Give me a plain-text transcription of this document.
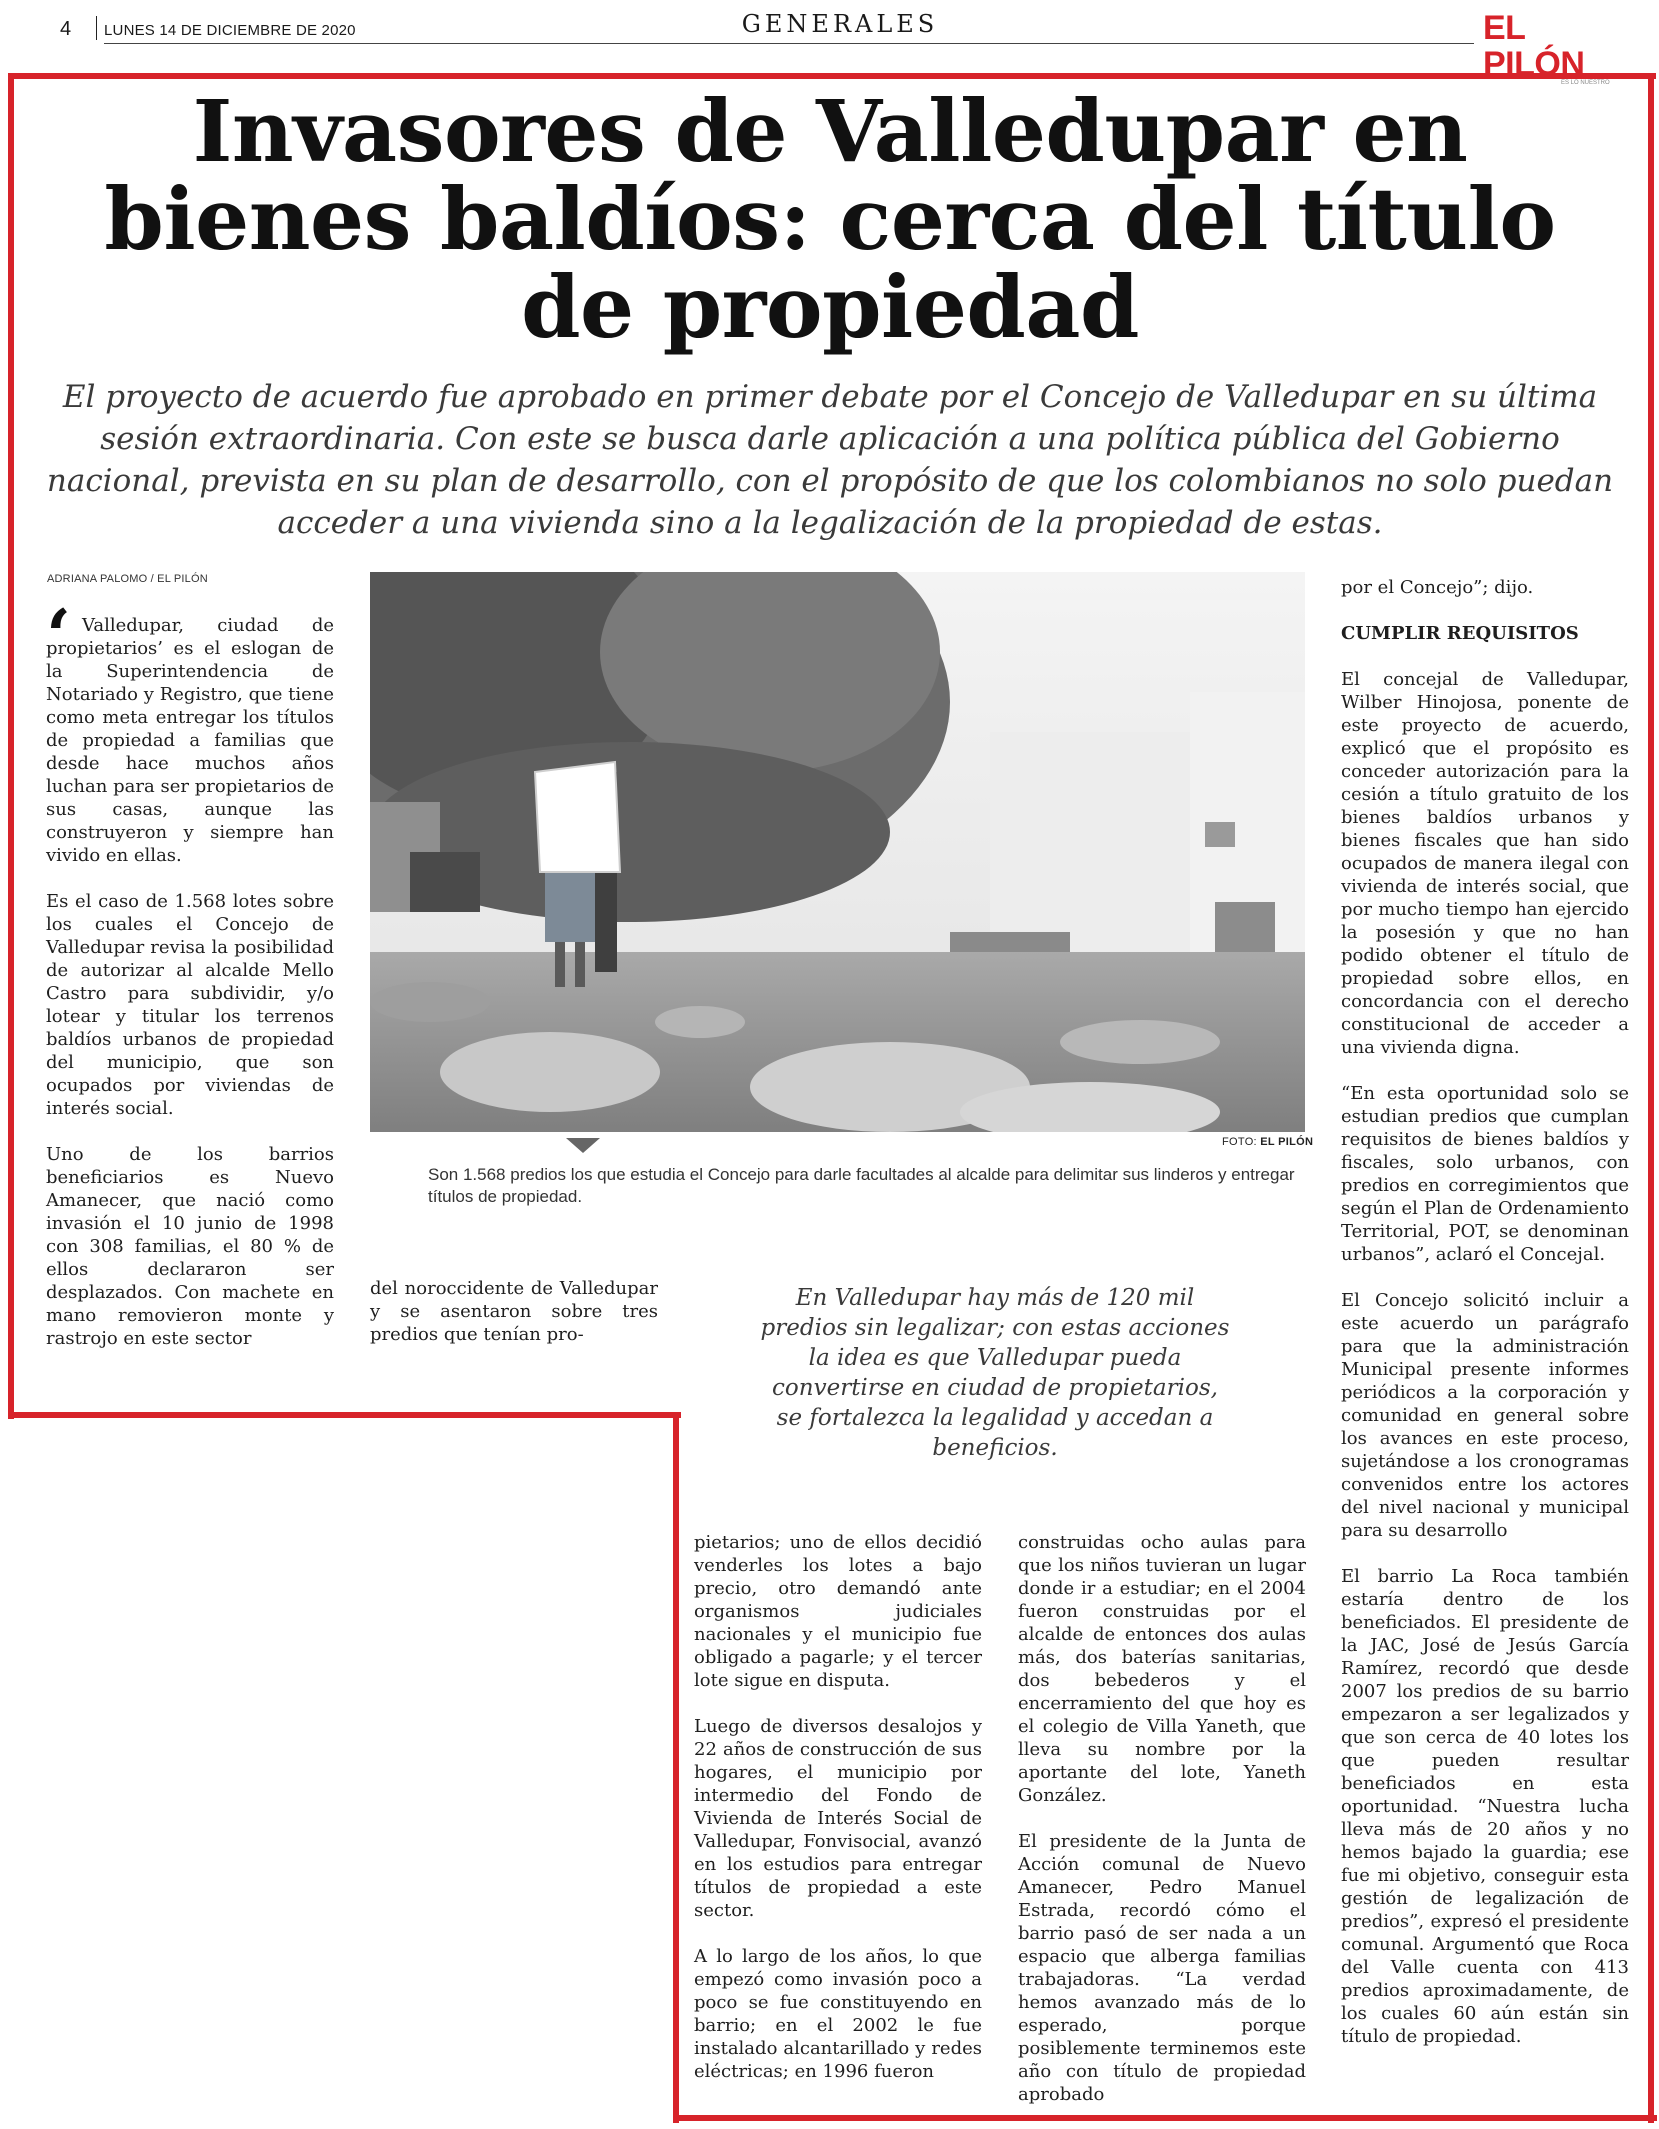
4 LUNES 14 DE DICIEMBRE DE 2020	GENERALES	EL PILÓN
ES LO NUESTRO
Invasores de Valledupar en bienes baldíos: cerca del título de propiedad
El proyecto de acuerdo fue aprobado en primer debate por el Concejo de Valledupar en su última sesión extraordinaria. Con este se busca darle aplicación a una política pública del Gobierno nacional, prevista en su plan de desarrollo, con el propósito de que los colombianos no solo puedan acceder a una vivienda sino a la legalización de la propiedad de estas.
ADRIANA PALOMO / EL PILÓN
‘ Valledupar, ciudad de propietarios’ es el eslogan de la Superintendencia de Notariado y Registro, que tiene como meta entregar los títulos de propiedad a familias que desde hace muchos años luchan para ser propietarios de sus casas, aunque las construyeron y siempre han vivido en ellas.

Es el caso de 1.568 lotes sobre los cuales el Concejo de Valledupar revisa la posibilidad de autorizar al alcalde Mello Castro para subdividir, y/o lotear y titular los terrenos baldíos urbanos de propiedad del municipio, que son ocupados por viviendas de interés social.

Uno de los barrios beneficiarios es Nuevo Amanecer, que nació como invasión el 10 junio de 1998 con 308 familias, el 80 % de ellos declararon ser desplazados. Con machete en mano removieron monte y rastrojo en este sector

FOTO: EL PILÓN
Son 1.568 predios los que estudia el Concejo para darle facultades al alcalde para delimitar sus linderos y entregar títulos de propiedad.

del noroccidente de Valledupar y se asentaron sobre tres predios que tenían pro-

En Valledupar hay más de 120 mil predios sin legalizar; con estas acciones la idea es que Valledupar pueda convertirse en ciudad de propietarios, se fortalezca la legalidad y accedan a beneficios.

pietarios; uno de ellos decidió venderles los lotes a bajo precio, otro demandó ante organismos judiciales nacionales y el municipio fue obligado a pagarle; y el tercer lote sigue en disputa.

Luego de diversos desalojos y 22 años de construcción de sus hogares, el municipio por intermedio del Fondo de Vivienda de Interés Social de Valledupar, Fonvisocial, avanzó en los estudios para entregar títulos de propiedad a este sector.

A lo largo de los años, lo que empezó como invasión poco a poco se fue constituyendo en barrio; en el 2002 le fue instalado alcantarillado y redes eléctricas; en 1996 fueron

construidas ocho aulas para que los niños tuvieran un lugar donde ir a estudiar; en el 2004 fueron construidas por el alcalde de entonces dos aulas más, dos baterías sanitarias, dos bebederos y el encerramiento del que hoy es el colegio de Villa Yaneth, que lleva su nombre por la aportante del lote, Yaneth González.

El presidente de la Junta de Acción comunal de Nuevo Amanecer, Pedro Manuel Estrada, recordó cómo el barrio pasó de ser nada a un espacio que alberga familias trabajadoras. “La verdad hemos avanzado más de lo esperado, porque posiblemente terminemos este año con título de propiedad aprobado

por el Concejo”; dijo.

CUMPLIR REQUISITOS

El concejal de Valledupar, Wilber Hinojosa, ponente de este proyecto de acuerdo, explicó que el propósito es conceder autorización para la cesión a título gratuito de los bienes baldíos urbanos y bienes fiscales que han sido ocupados de manera ilegal con vivienda de interés social, que por mucho tiempo han ejercido la posesión y que no han podido obtener el título de propiedad sobre ellos, en concordancia con el derecho constitucional de acceder a una vivienda digna.

“En esta oportunidad solo se estudian predios que cumplan requisitos de bienes baldíos y fiscales, solo urbanos, con predios en corregimientos que según el Plan de Ordenamiento Territorial, POT, se denominan urbanos”, aclaró el Concejal.

El Concejo solicitó incluir a este acuerdo un parágrafo para que la administración Municipal presente informes periódicos a la corporación y comunidad en general sobre los avances en este proceso, sujetándose a los cronogramas convenidos entre los actores del nivel nacional y municipal para su desarrollo

El barrio La Roca también estaría dentro de los beneficiados. El presidente de la JAC, José de Jesús García Ramírez, recordó que desde 2007 los predios de su barrio empezaron a ser legalizados y que son cerca de 40 lotes los que pueden resultar beneficiados en esta oportunidad. “Nuestra lucha lleva más de 20 años y no hemos bajado la guardia; ese fue mi objetivo, conseguir esta gestión de legalización de predios”, expresó el presidente comunal. Argumentó que Roca del Valle cuenta con 413 predios aproximadamente, de los cuales 60 aún están sin título de propiedad.
